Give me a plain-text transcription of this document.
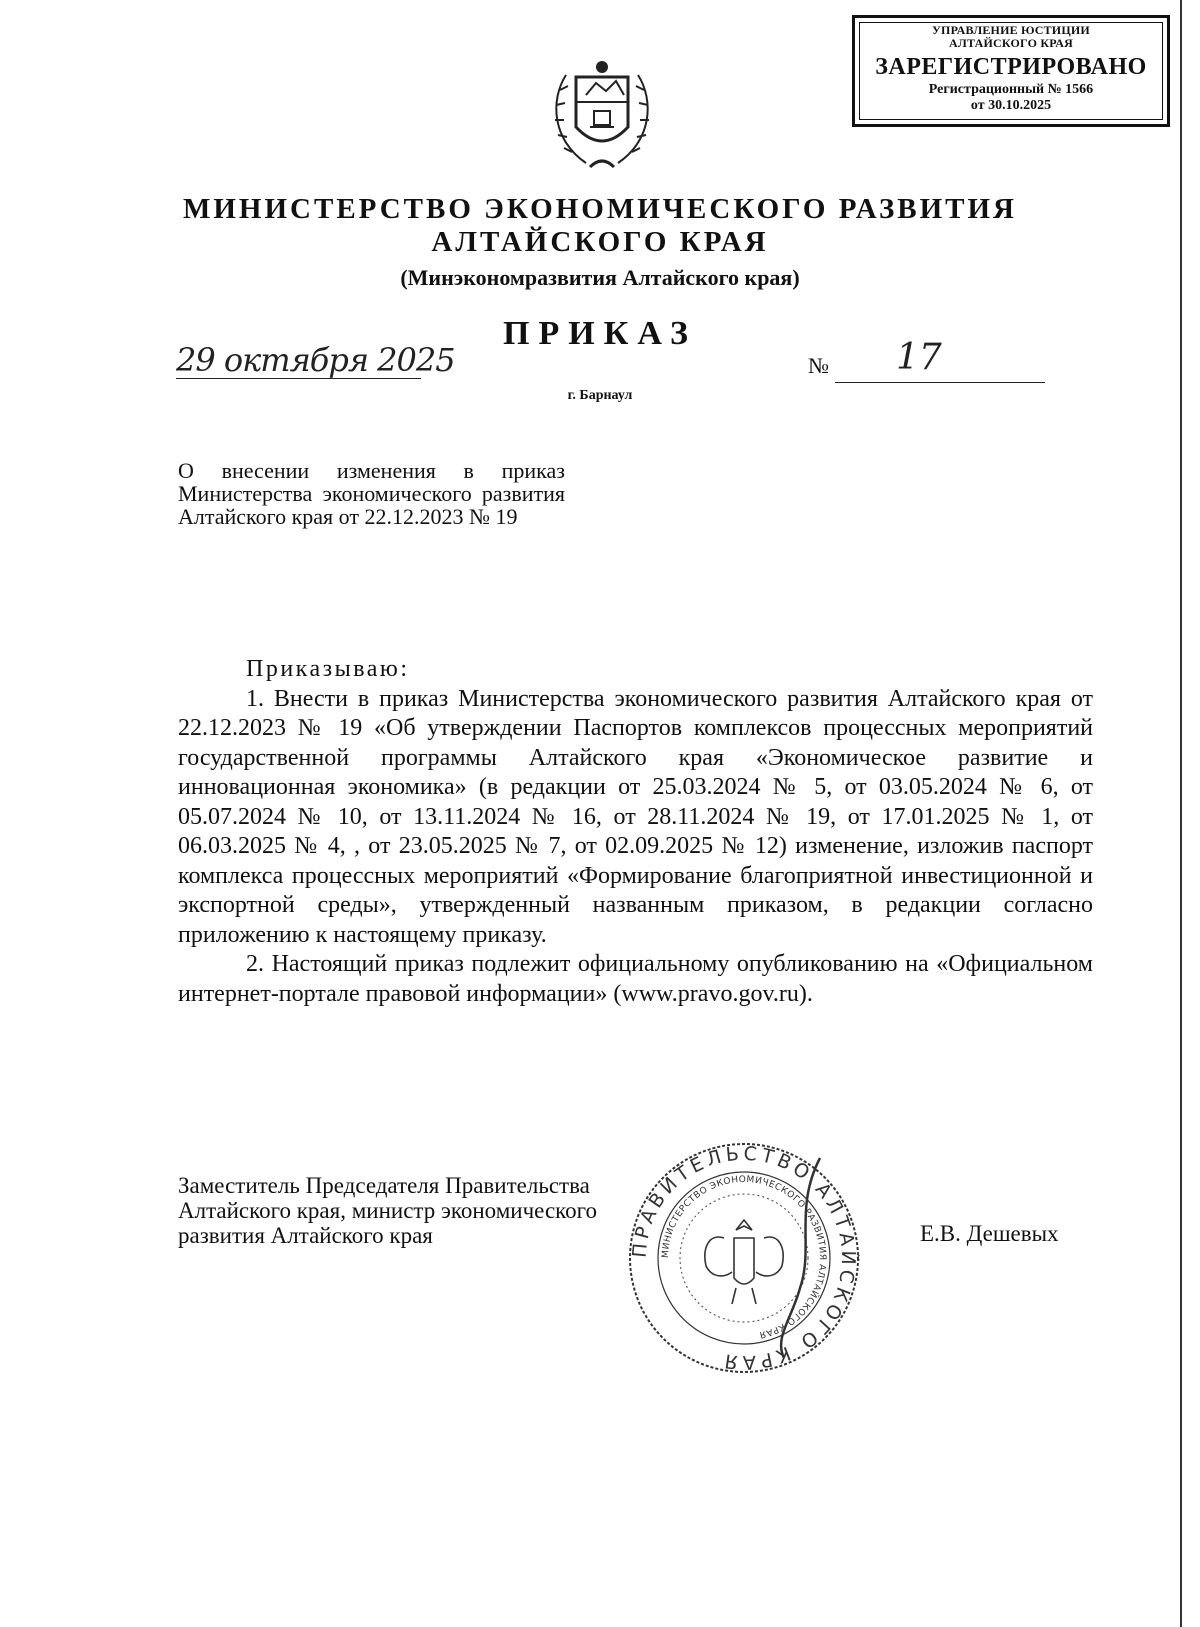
УПРАВЛЕНИЕ ЮСТИЦИИ
АЛТАЙСКОГО КРАЯ
ЗАРЕГИСТРИРОВАНО
Регистрационный № 1566
от 30.10.2025
МИНИСТЕРСТВО ЭКОНОМИЧЕСКОГО РАЗВИТИЯ
АЛТАЙСКОГО КРАЯ
(Минэкономразвития Алтайского края)
ПРИКАЗ
29 октября 2025	№ 17
г. Барнаул
О внесении изменения в приказ Министерства экономического развития Алтайского края от 22.12.2023 № 19

Приказываю:

1. Внести в приказ Министерства экономического развития Алтайского края от 22.12.2023 № 19 «Об утверждении Паспортов комплексов процессных мероприятий государственной программы Алтайского края «Экономическое развитие и инновационная экономика» (в редакции от 25.03.2024 № 5, от 03.05.2024 № 6, от 05.07.2024 № 10, от 13.11.2024 № 16, от 28.11.2024 № 19, от 17.01.2025 № 1, от 06.03.2025 № 4, , от 23.05.2025 № 7, от 02.09.2025 № 12) изменение, изложив паспорт комплекса процессных мероприятий «Формирование благоприятной инвестиционной и экспортной среды», утвержденный названным приказом, в редакции согласно приложению к настоящему приказу.

2. Настоящий приказ подлежит официальному опубликованию на «Официальном интернет-портале правовой информации» (www.pravo.gov.ru).

Заместитель Председателя Правительства
Алтайского края, министр экономического
развития Алтайского края
ПРАВИТЕЛЬСТВО АЛТАЙСКОГО КРАЯ
МИНИСТЕРСТВО ЭКОНОМИЧЕСКОГО РАЗВИТИЯ АЛТАЙСКОГО КРАЯ
Е.В. Дешевых
